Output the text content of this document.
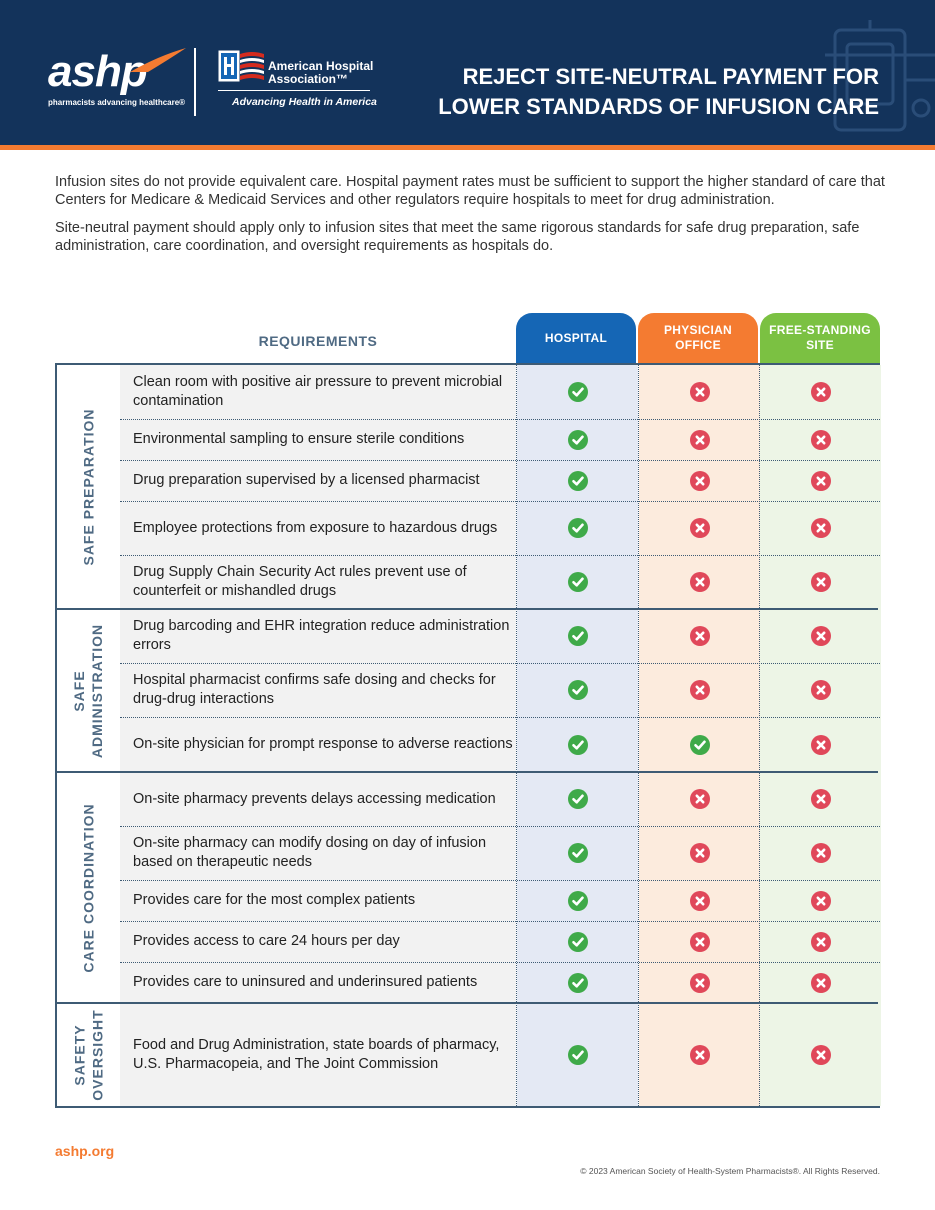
ashp
pharmacists advancing healthcare®
American Hospital Association™
Advancing Health in America
REJECT SITE-NEUTRAL PAYMENT FOR
LOWER STANDARDS OF INFUSION CARE

Infusion sites do not provide equivalent care. Hospital payment rates must be sufficient to support the higher standard of care that Centers for Medicare & Medicaid Services and other regulators require hospitals to meet for drug administration.

Site-neutral payment should apply only to infusion sites that meet the same rigorous standards for safe drug preparation, safe administration, care coordination, and oversight requirements as hospitals do.

REQUIREMENTS	HOSPITAL
PHYSICIAN OFFICE
FREE-STANDING SITE
SAFE PREPARATION
Clean room with positive air pressure to prevent microbial contamination
Environmental sampling to ensure sterile conditions
Drug preparation supervised by a licensed pharmacist
Employee protections from exposure to hazardous drugs
Drug Supply Chain Security Act rules prevent use of counterfeit or mishandled drugs
SAFE ADMINISTRATION Drug barcoding and EHR integration reduce administration errors
Hospital pharmacist confirms safe dosing and checks for drug-drug interactions
On-site physician for prompt response to adverse reactions
CARE COORDINATION
On-site pharmacy prevents delays accessing medication
On-site pharmacy can modify dosing on day of infusion based on therapeutic needs
Provides care for the most complex patients
Provides access to care 24 hours per day
Provides care to uninsured and underinsured patients
SAFETY OVERSIGHT Food and Drug Administration, state boards of pharmacy, U.S. Pharmacopeia, and The Joint Commission
ashp.org
© 2023 American Society of Health-System Pharmacists®. All Rights Reserved.
